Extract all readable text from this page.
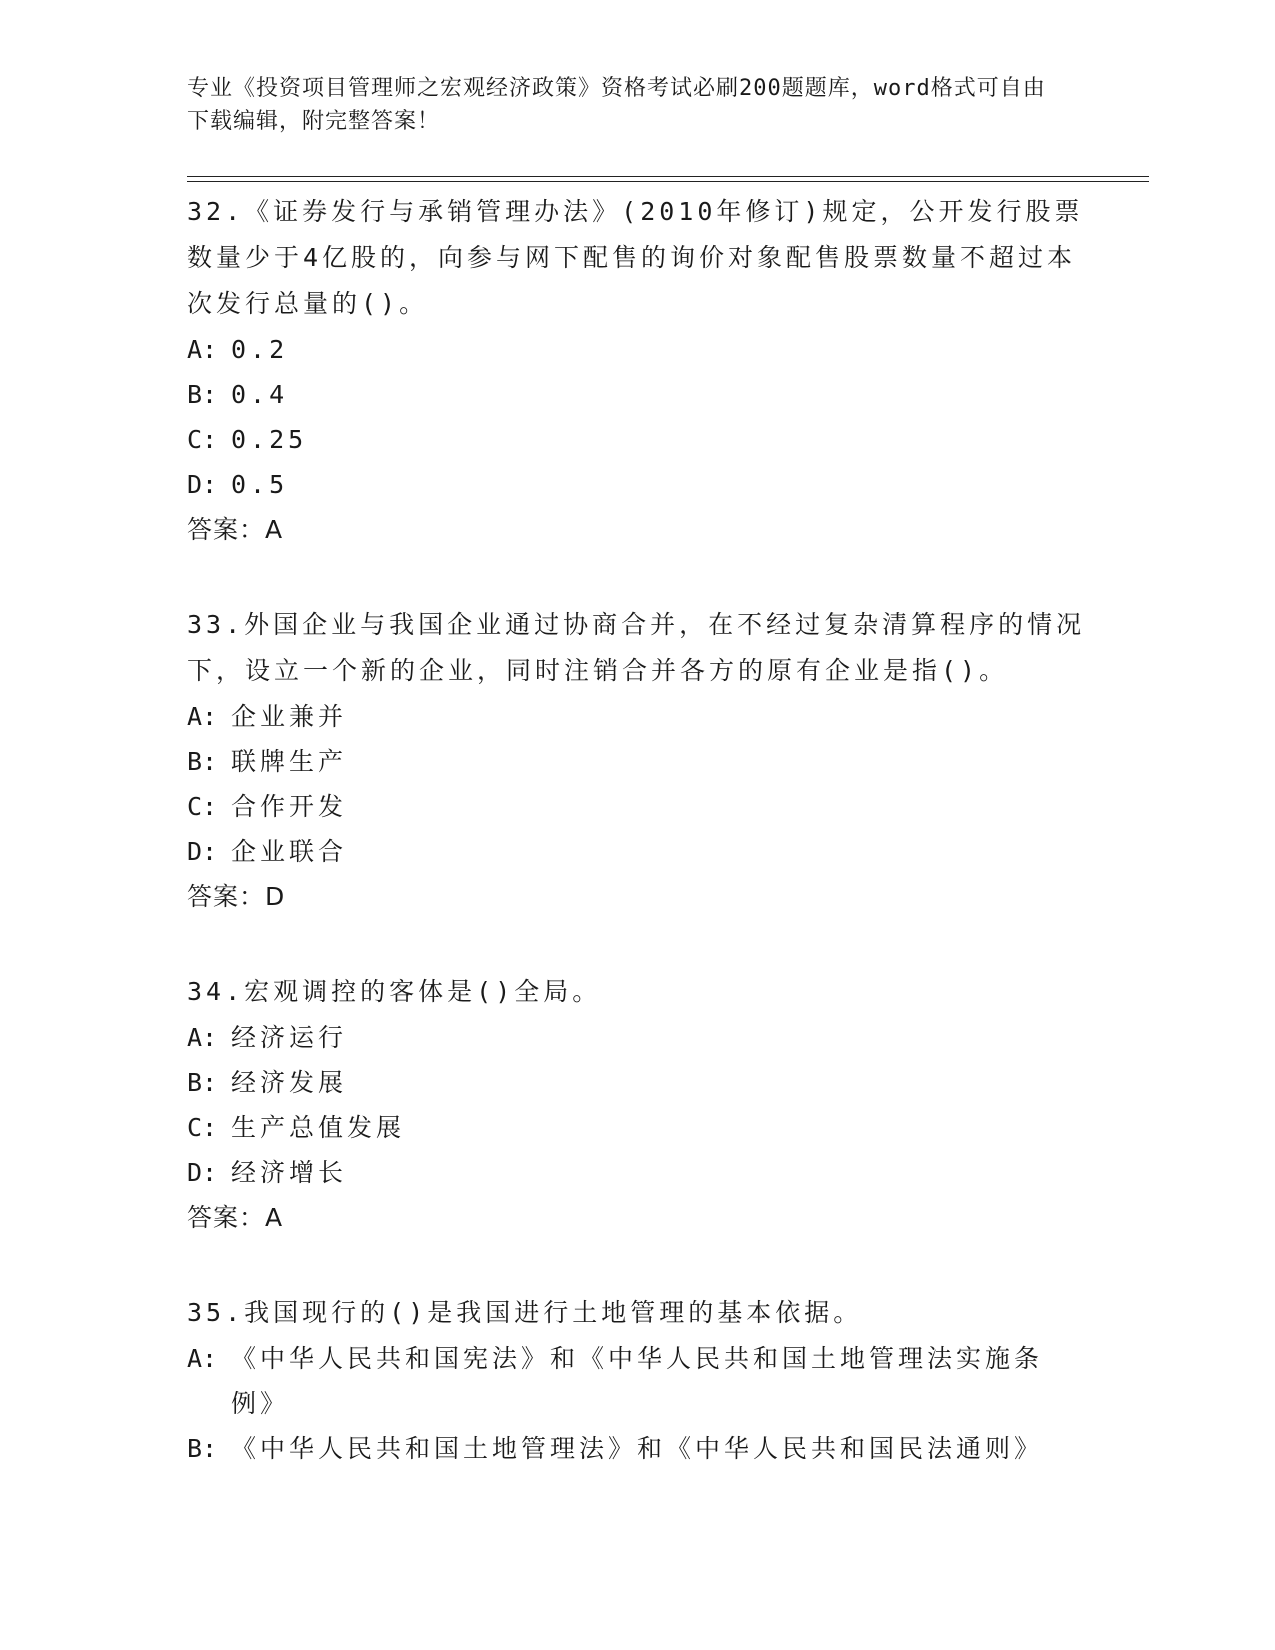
专业《投资项目管理师之宏观经济政策》资格考试必刷200题题库，word格式可自由下载编辑，附完整答案！

32.《证券发行与承销管理办法》(2010年修订)规定，公开发行股票数量少于4亿股的，向参与网下配售的询价对象配售股票数量不超过本次发行总量的()。

A: 0.2
B: 0.4
C: 0.25
D: 0.5

答案：A

33.外国企业与我国企业通过协商合并，在不经过复杂清算程序的情况下，设立一个新的企业，同时注销合并各方的原有企业是指()。

A: 企业兼并
B: 联牌生产
C: 合作开发
D: 企业联合

答案：D

34.宏观调控的客体是()全局。

A: 经济运行
B: 经济发展
C: 生产总值发展
D: 经济增长

答案：A

35.我国现行的()是我国进行土地管理的基本依据。

A: 《中华人民共和国宪法》和《中华人民共和国土地管理法实施条例》
B: 《中华人民共和国土地管理法》和《中华人民共和国民法通则》
